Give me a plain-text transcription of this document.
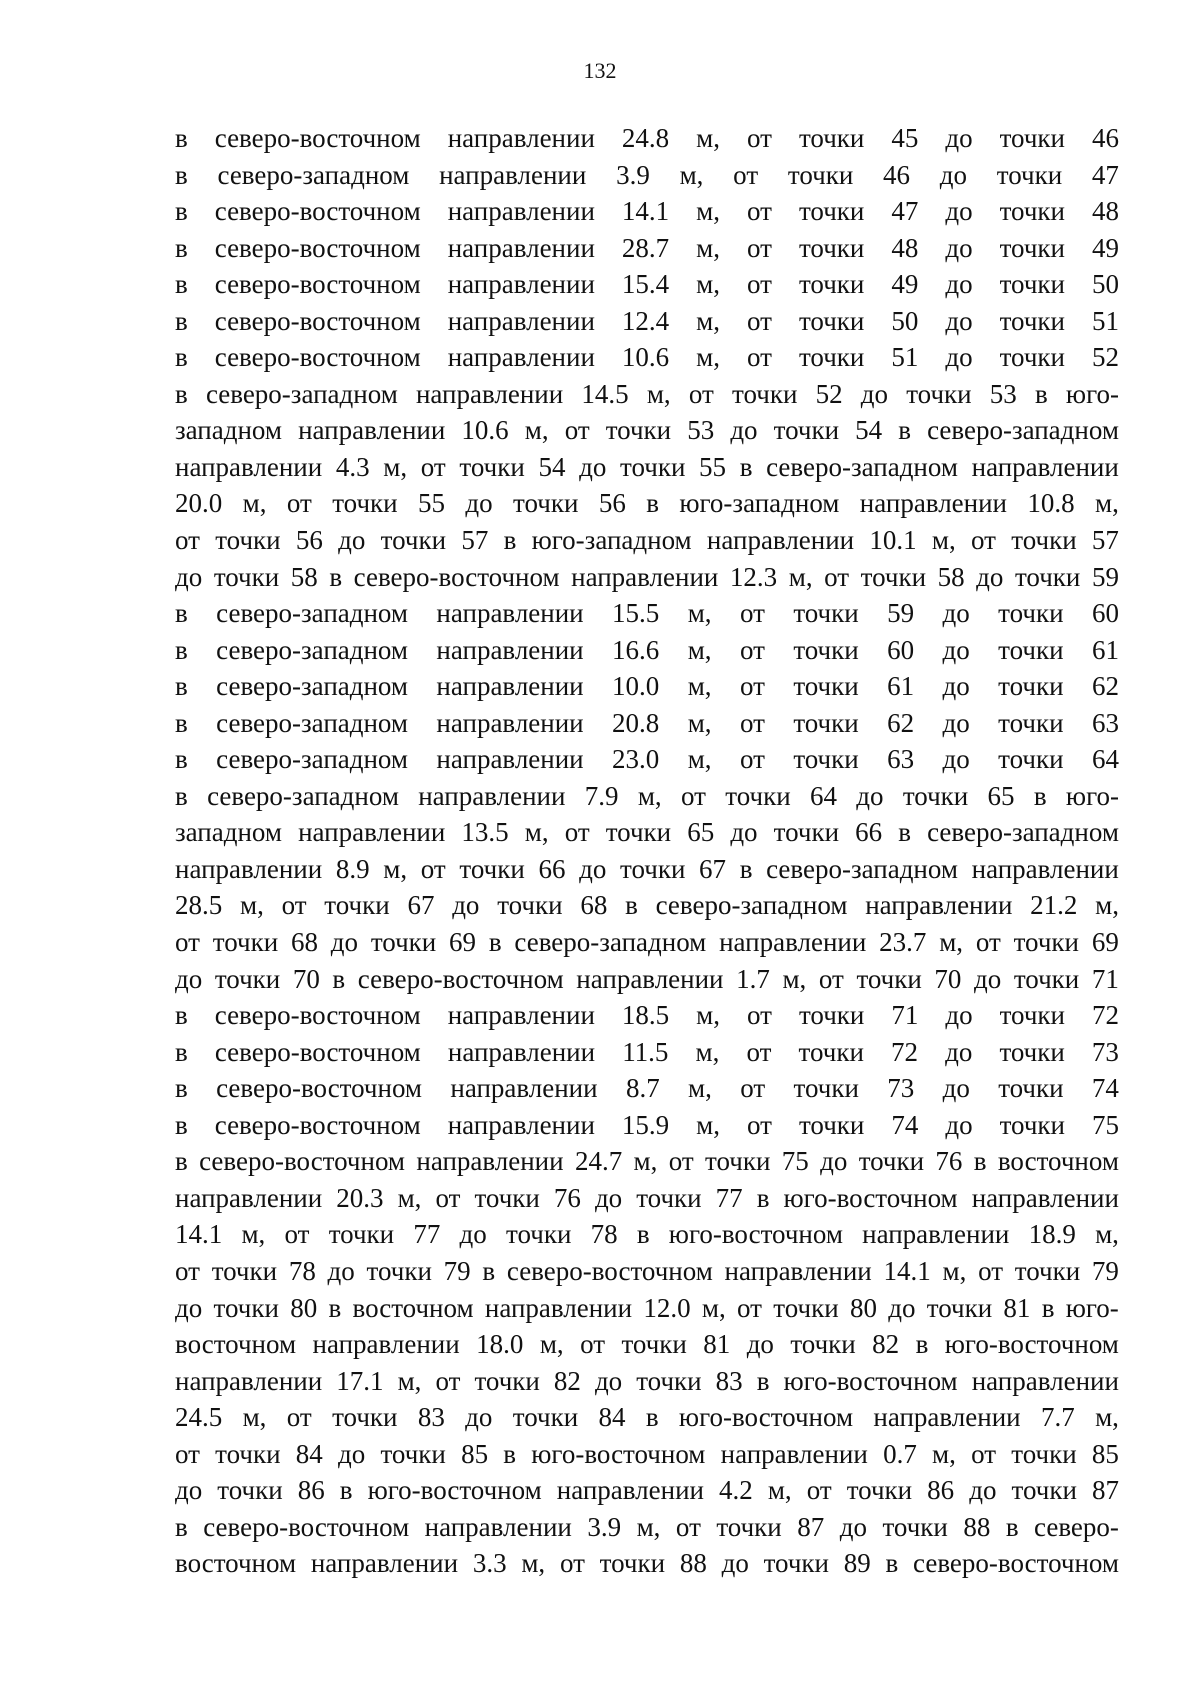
132
в северо-восточном направлении 24.8 м, от точки 45 до точки 46
в северо-западном направлении 3.9 м, от точки 46 до точки 47
в северо-восточном направлении 14.1 м, от точки 47 до точки 48
в северо-восточном направлении 28.7 м, от точки 48 до точки 49
в северо-восточном направлении 15.4 м, от точки 49 до точки 50
в северо-восточном направлении 12.4 м, от точки 50 до точки 51
в северо-восточном направлении 10.6 м, от точки 51 до точки 52
в северо-западном направлении 14.5 м, от точки 52 до точки 53 в юго-
западном направлении 10.6 м, от точки 53 до точки 54 в северо-западном
направлении 4.3 м, от точки 54 до точки 55 в северо-западном направлении
20.0 м, от точки 55 до точки 56 в юго-западном направлении 10.8 м,
от точки 56 до точки 57 в юго-западном направлении 10.1 м, от точки 57
до точки 58 в северо-восточном направлении 12.3 м, от точки 58 до точки 59
в северо-западном направлении 15.5 м, от точки 59 до точки 60
в северо-западном направлении 16.6 м, от точки 60 до точки 61
в северо-западном направлении 10.0 м, от точки 61 до точки 62
в северо-западном направлении 20.8 м, от точки 62 до точки 63
в северо-западном направлении 23.0 м, от точки 63 до точки 64
в северо-западном направлении 7.9 м, от точки 64 до точки 65 в юго-
западном направлении 13.5 м, от точки 65 до точки 66 в северо-западном
направлении 8.9 м, от точки 66 до точки 67 в северо-западном направлении
28.5 м, от точки 67 до точки 68 в северо-западном направлении 21.2 м,
от точки 68 до точки 69 в северо-западном направлении 23.7 м, от точки 69
до точки 70 в северо-восточном направлении 1.7 м, от точки 70 до точки 71
в северо-восточном направлении 18.5 м, от точки 71 до точки 72
в северо-восточном направлении 11.5 м, от точки 72 до точки 73
в северо-восточном направлении 8.7 м, от точки 73 до точки 74
в северо-восточном направлении 15.9 м, от точки 74 до точки 75
в северо-восточном направлении 24.7 м, от точки 75 до точки 76 в восточном
направлении 20.3 м, от точки 76 до точки 77 в юго-восточном направлении
14.1 м, от точки 77 до точки 78 в юго-восточном направлении 18.9 м,
от точки 78 до точки 79 в северо-восточном направлении 14.1 м, от точки 79
до точки 80 в восточном направлении 12.0 м, от точки 80 до точки 81 в юго-
восточном направлении 18.0 м, от точки 81 до точки 82 в юго-восточном
направлении 17.1 м, от точки 82 до точки 83 в юго-восточном направлении
24.5 м, от точки 83 до точки 84 в юго-восточном направлении 7.7 м,
от точки 84 до точки 85 в юго-восточном направлении 0.7 м, от точки 85
до точки 86 в юго-восточном направлении 4.2 м, от точки 86 до точки 87
в северо-восточном направлении 3.9 м, от точки 87 до точки 88 в северо-
восточном направлении 3.3 м, от точки 88 до точки 89 в северо-восточном
